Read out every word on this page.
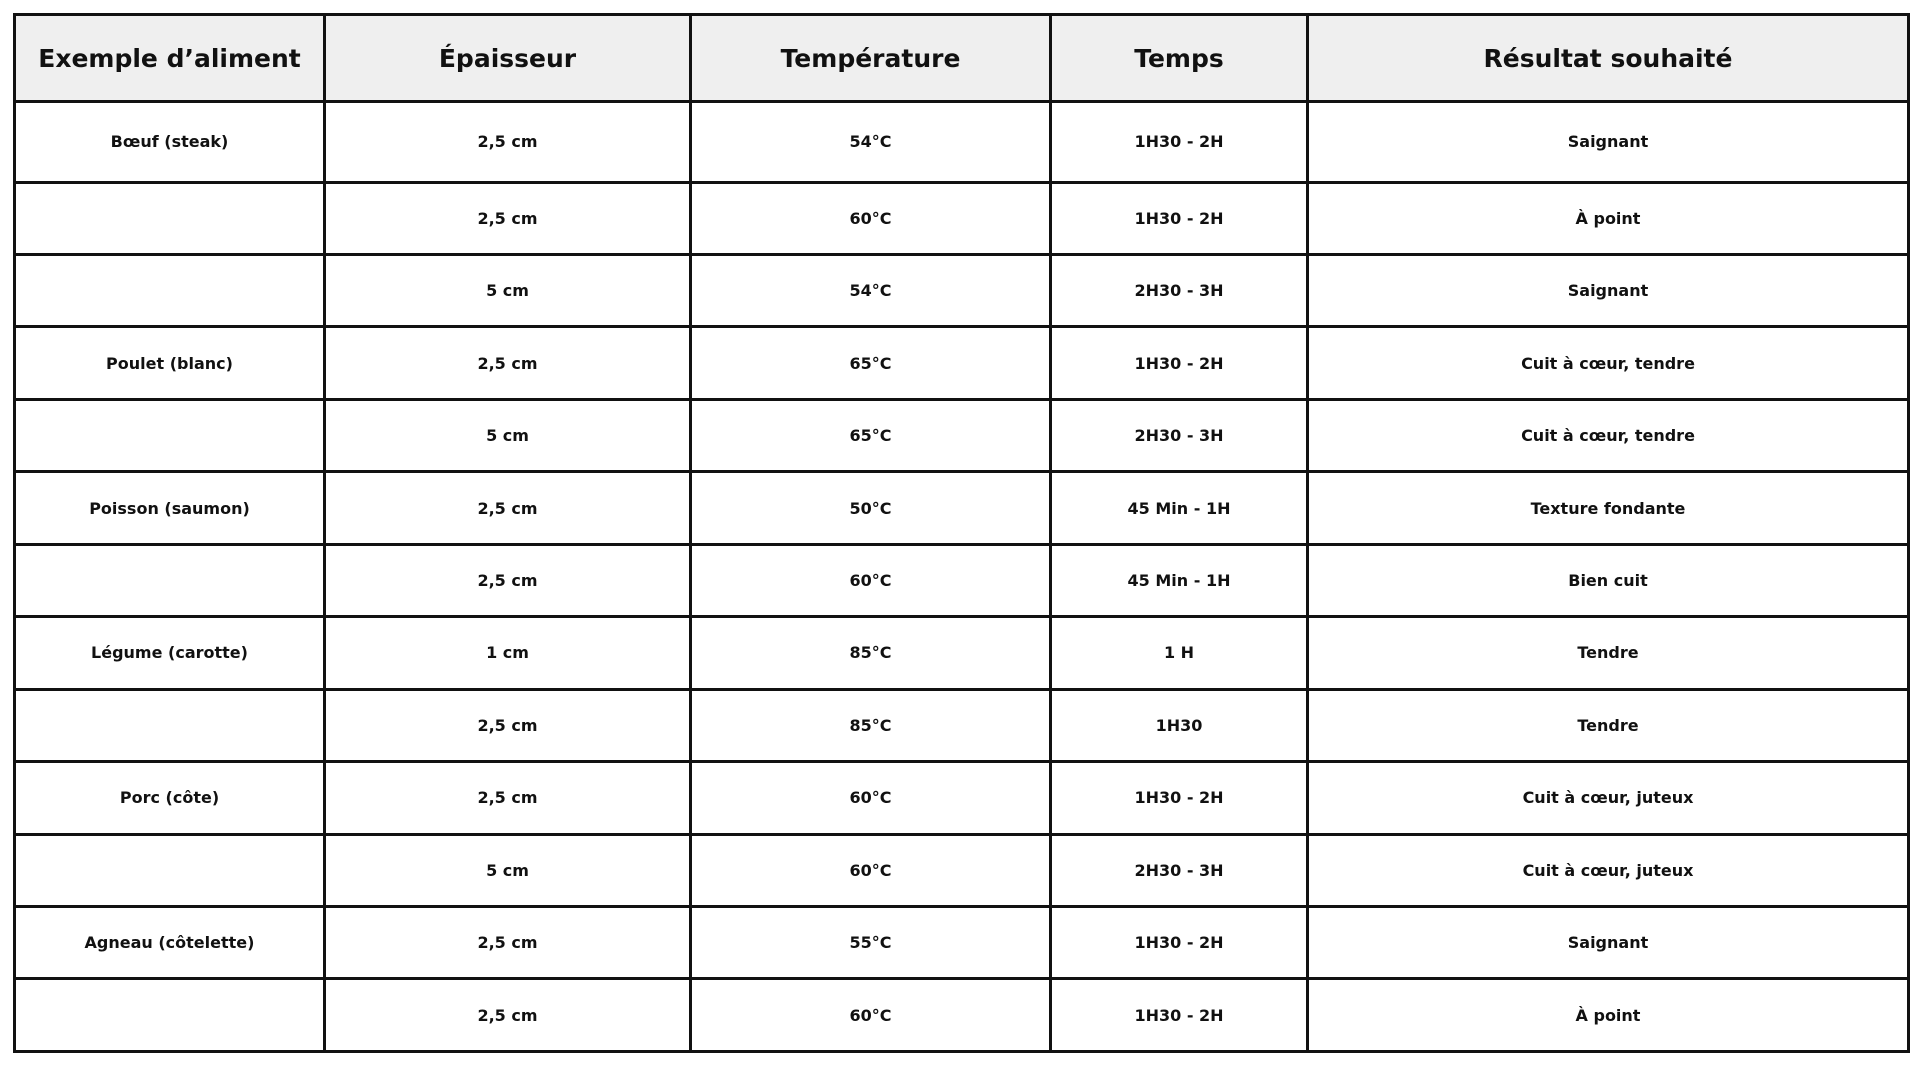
Exemple d’aliment	Épaisseur	Température	Temps	Résultat souhaité
Bœuf (steak)	2,5 cm	54°C	1H30 - 2H	Saignant
	2,5 cm	60°C	1H30 - 2H	À point
	5 cm	54°C	2H30 - 3H	Saignant
Poulet (blanc)	2,5 cm	65°C	1H30 - 2H	Cuit à cœur, tendre
	5 cm	65°C	2H30 - 3H	Cuit à cœur, tendre
Poisson (saumon)	2,5 cm	50°C	45 Min - 1H	Texture fondante
	2,5 cm	60°C	45 Min - 1H	Bien cuit
Légume (carotte)	1 cm	85°C	1 H	Tendre
	2,5 cm	85°C	1H30	Tendre
Porc (côte)	2,5 cm	60°C	1H30 - 2H	Cuit à cœur, juteux
	5 cm	60°C	2H30 - 3H	Cuit à cœur, juteux
Agneau (côtelette)	2,5 cm	55°C	1H30 - 2H	Saignant
	2,5 cm	60°C	1H30 - 2H	À point
